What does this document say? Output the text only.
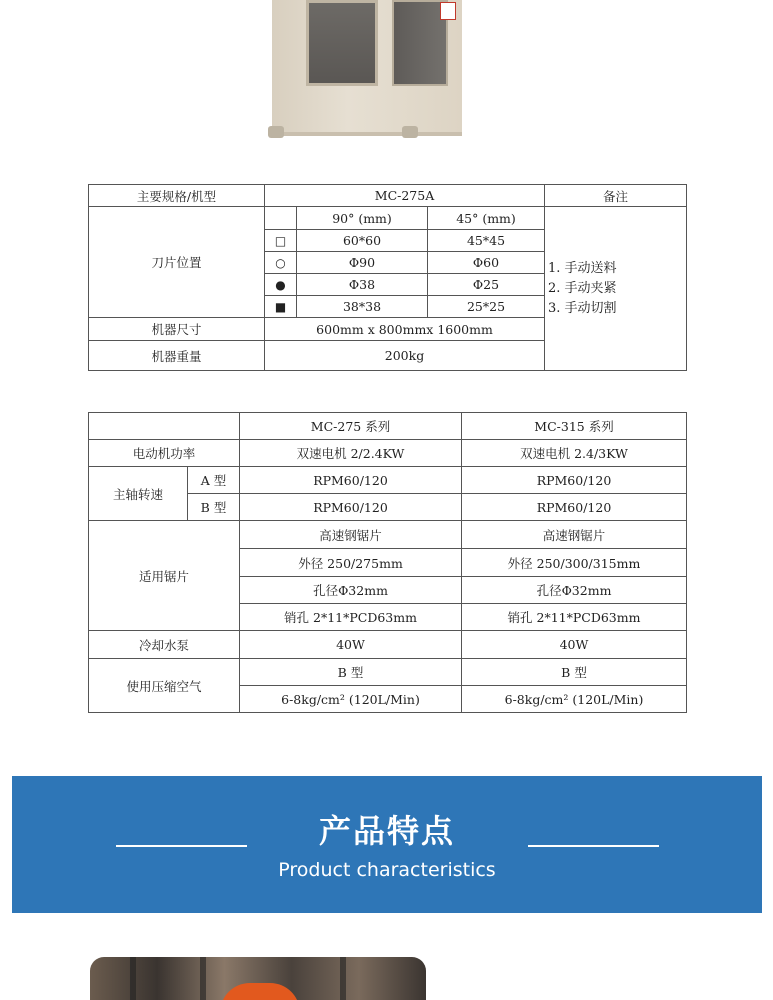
主要规格/机型	MC-275A			备注
刀片位置		90° (mm)	45° (mm)	1. 手动送料
2. 手动夹紧
3. 手动切割

	□	60*60	45*45	
	○	Φ90	Φ60	
	●	Φ38	Φ25	
	■	38*38	25*25	
机器尺寸	600mm x 800mmx 1600mm			
机器重量	200kg			
		MC-275 系列	MC-315 系列
电动机功率		双速电机 2/2.4KW	双速电机 2.4/3KW
主轴转速	A 型	RPM60/120	RPM60/120
	B 型	RPM60/120	RPM60/120
适用锯片		高速钢锯片	高速钢锯片
		外径 250/275mm	外径 250/300/315mm
		孔径Φ32mm	孔径Φ32mm
		销孔 2*11*PCD63mm	销孔 2*11*PCD63mm
冷却水泵		40W	40W
使用压缩空气		B 型	B 型
		6-8kg/cm² (120L/Min)	6-8kg/cm² (120L/Min)
产品特点
Product characteristics
